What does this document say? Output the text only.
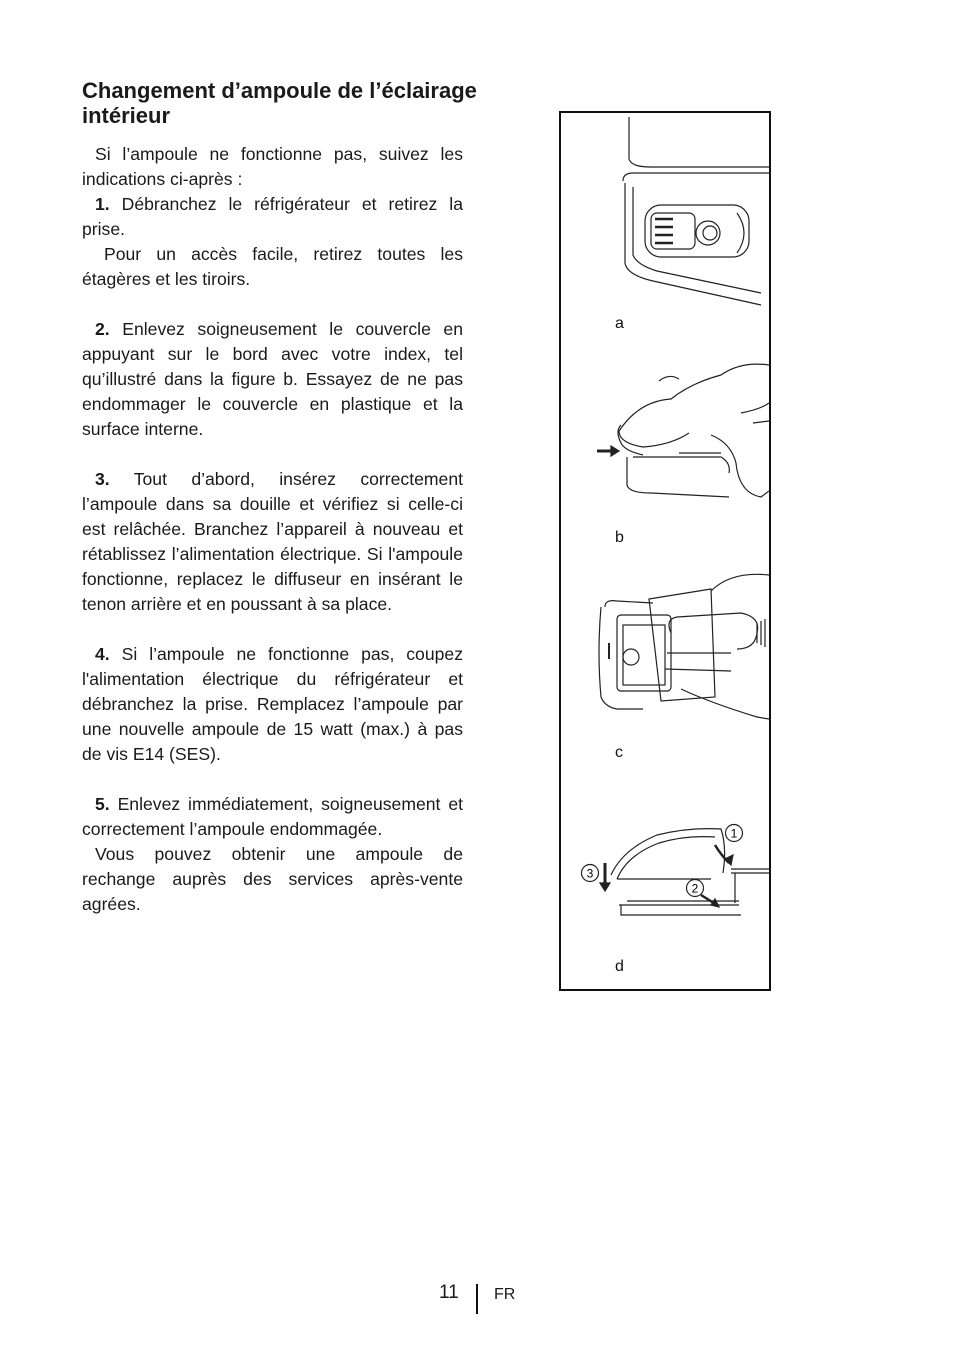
Changement d’ampoule de l’éclairage intérieur

Si l’ampoule ne fonctionne pas, suivez les indications ci-après :

1. Débranchez le réfrigérateur et retirez la prise.

Pour un accès facile, retirez toutes les étagères et les tiroirs.

2. Enlevez soigneusement le couvercle en appuyant sur le bord avec votre index, tel qu’illustré dans la figure b. Essayez de ne pas endommager le couvercle en plastique et la surface interne.

3. Tout d’abord, insérez correctement l’ampoule dans sa douille et vérifiez si celle-ci est relâchée. Branchez l’appareil à nouveau et rétablissez l’alimentation électrique. Si l'ampoule fonctionne, replacez le diffuseur en insérant le tenon arrière et en poussant à sa place.

4. Si l’ampoule ne fonctionne pas, coupez l'alimentation électrique du réfrigérateur et débranchez la prise. Remplacez l’ampoule par une nouvelle ampoule de 15 watt (max.) à pas de vis E14 (SES).

5. Enlevez immédiatement, soigneusement et correctement l’ampoule endommagée.

Vous pouvez obtenir une ampoule de rechange auprès des services après-vente agrées.

1
2
3
a
b
c
d
11 FR
